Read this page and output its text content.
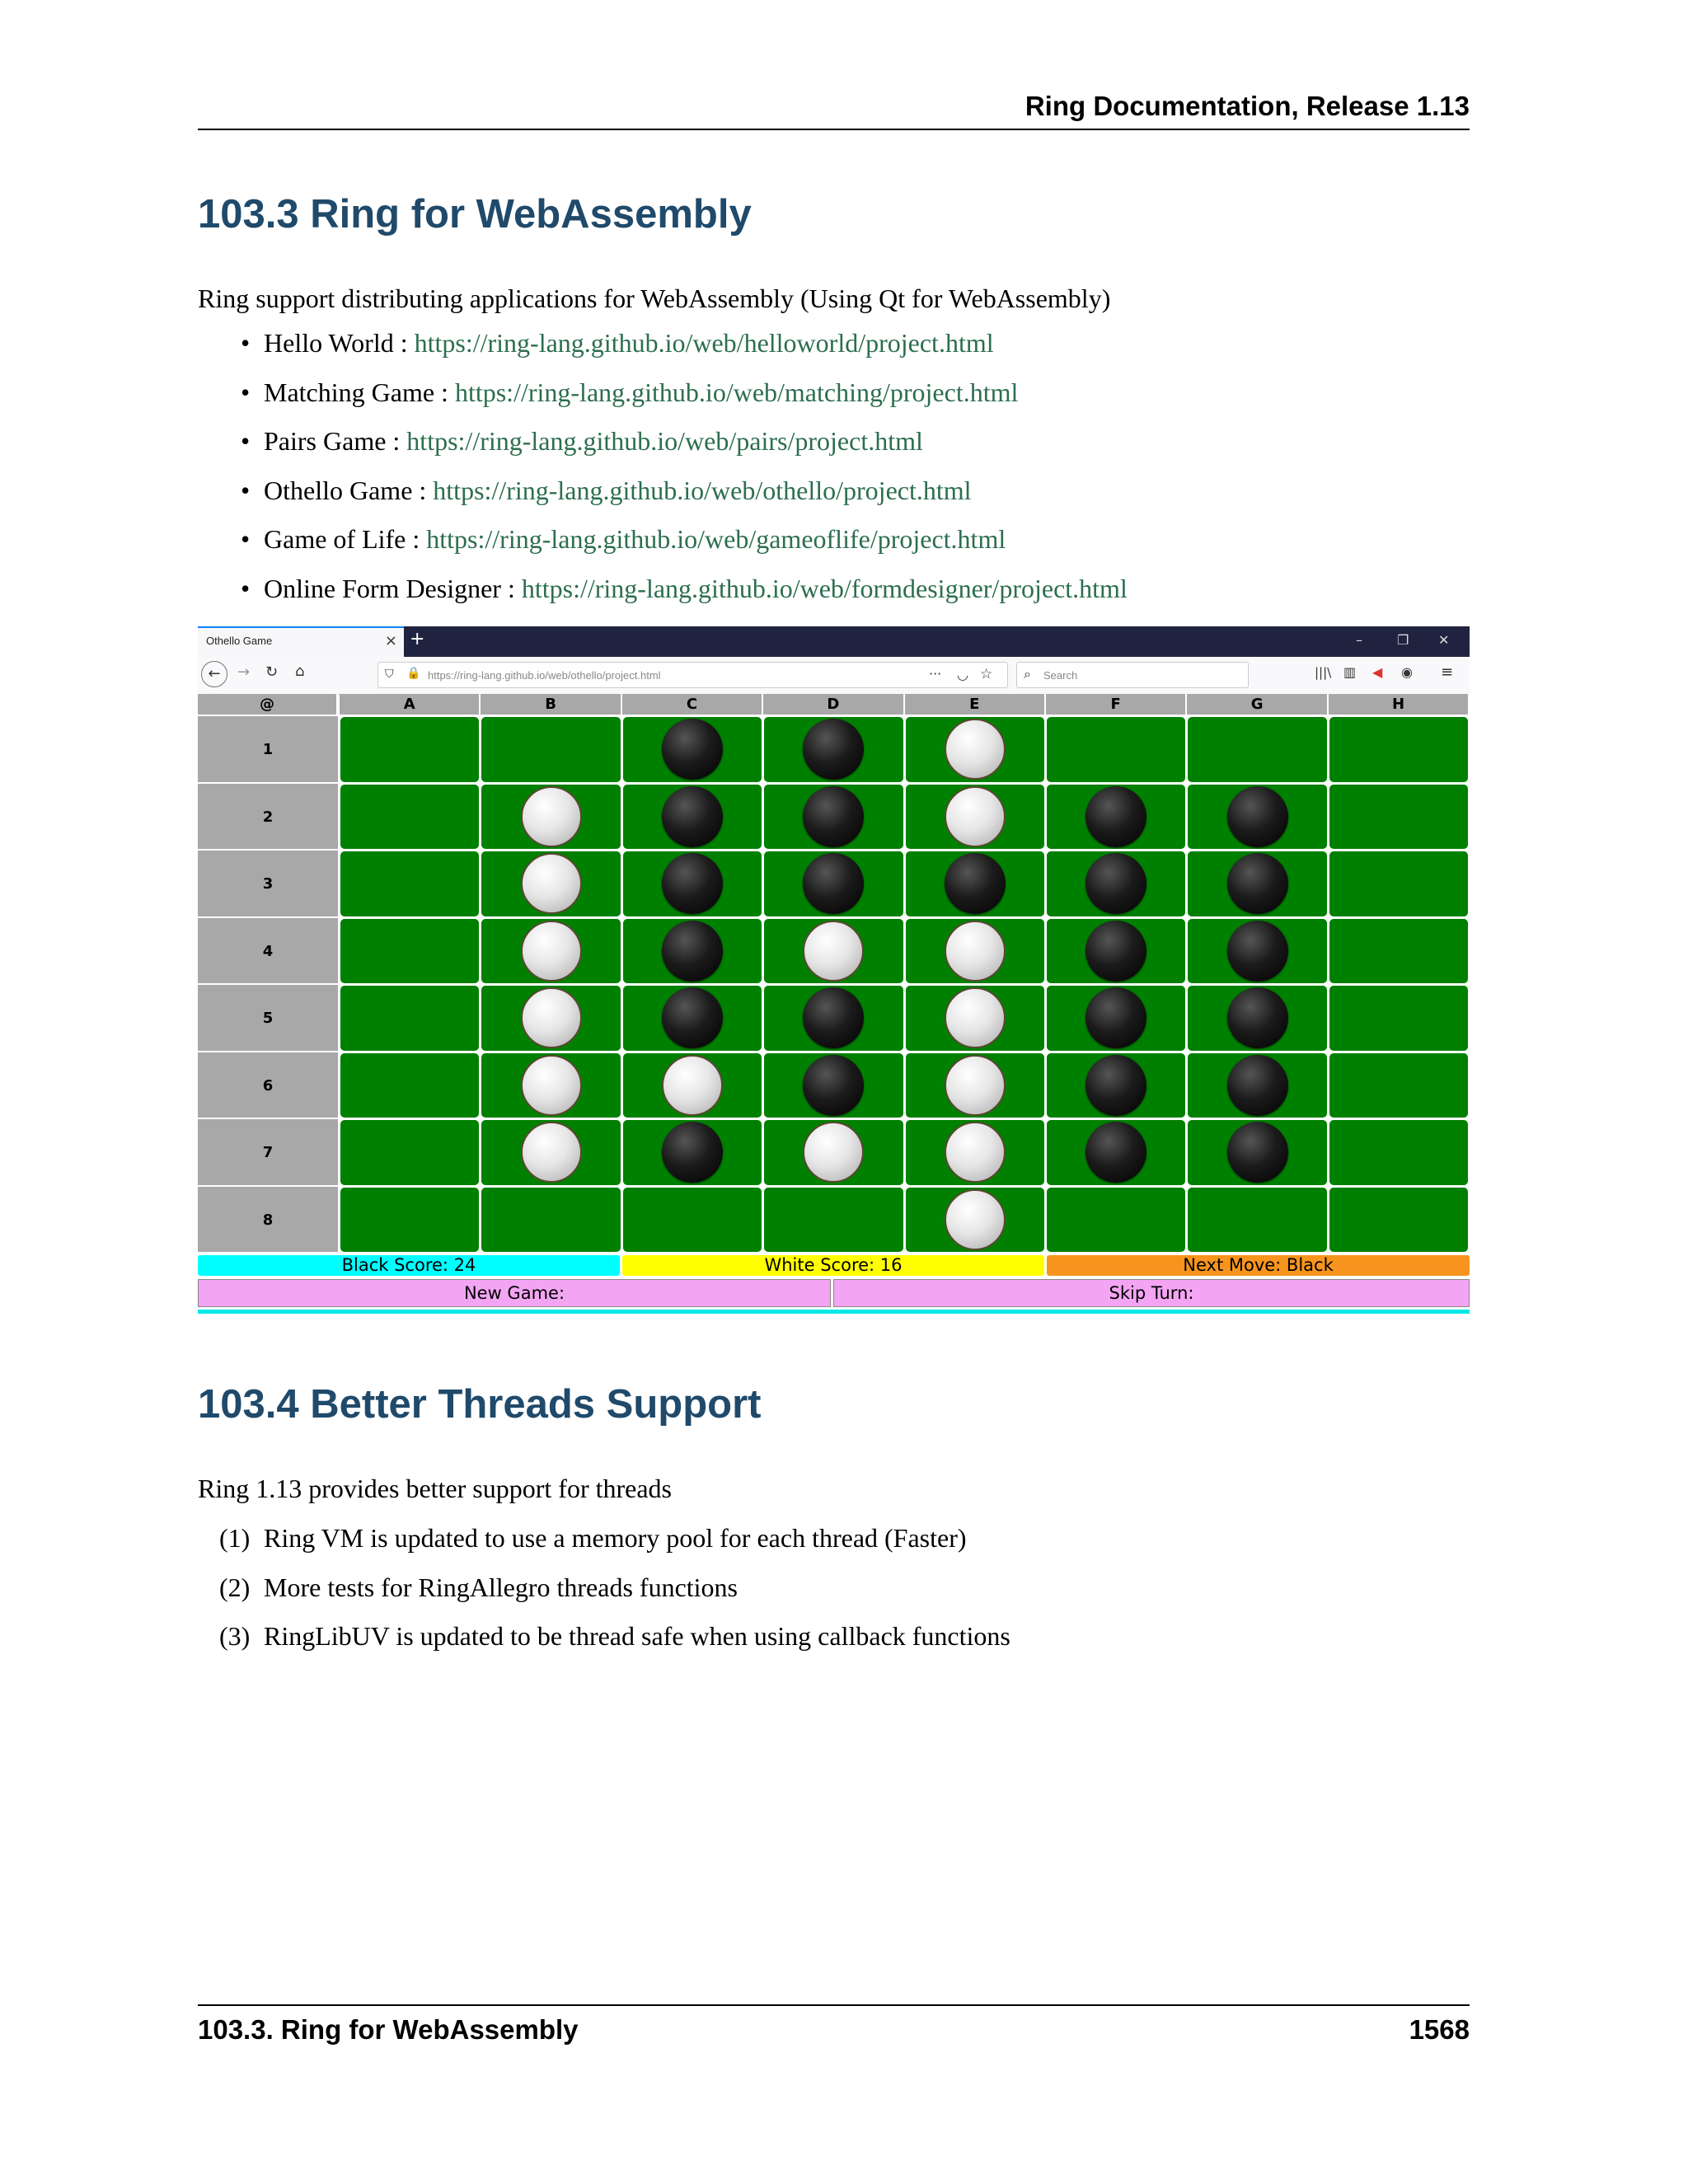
Ring Documentation, Release 1.13
103.3 Ring for WebAssembly

Ring support distributing applications for WebAssembly (Using Qt for WebAssembly)

• Hello World : https://ring-lang.github.io/web/helloworld/project.html
• Matching Game : https://ring-lang.github.io/web/matching/project.html
• Pairs Game : https://ring-lang.github.io/web/pairs/project.html
• Othello Game : https://ring-lang.github.io/web/othello/project.html
• Game of Life : https://ring-lang.github.io/web/gameoflife/project.html
• Online Form Designer : https://ring-lang.github.io/web/formdesigner/project.html
Othello Game	× +	–	❐ ✕
←	→ ↻ ⌂	⛉ 🔒 https://ring-lang.github.io/web/othello/project.html	··· ◡ ☆ ⌕ Search	|||\ ▥ ◀ ◉ ≡
@	A	B	C	D	E	F	G	H
1
2
3
4
5
6
7
8
Black Score: 24	White Score: 16	Next Move: Black
New Game:	Skip Turn:
103.4 Better Threads Support

Ring 1.13 provides better support for threads

(1) Ring VM is updated to use a memory pool for each thread (Faster)
(2) More tests for RingAllegro threads functions
(3) RingLibUV is updated to be thread safe when using callback functions
103.3. Ring for WebAssembly	1568
